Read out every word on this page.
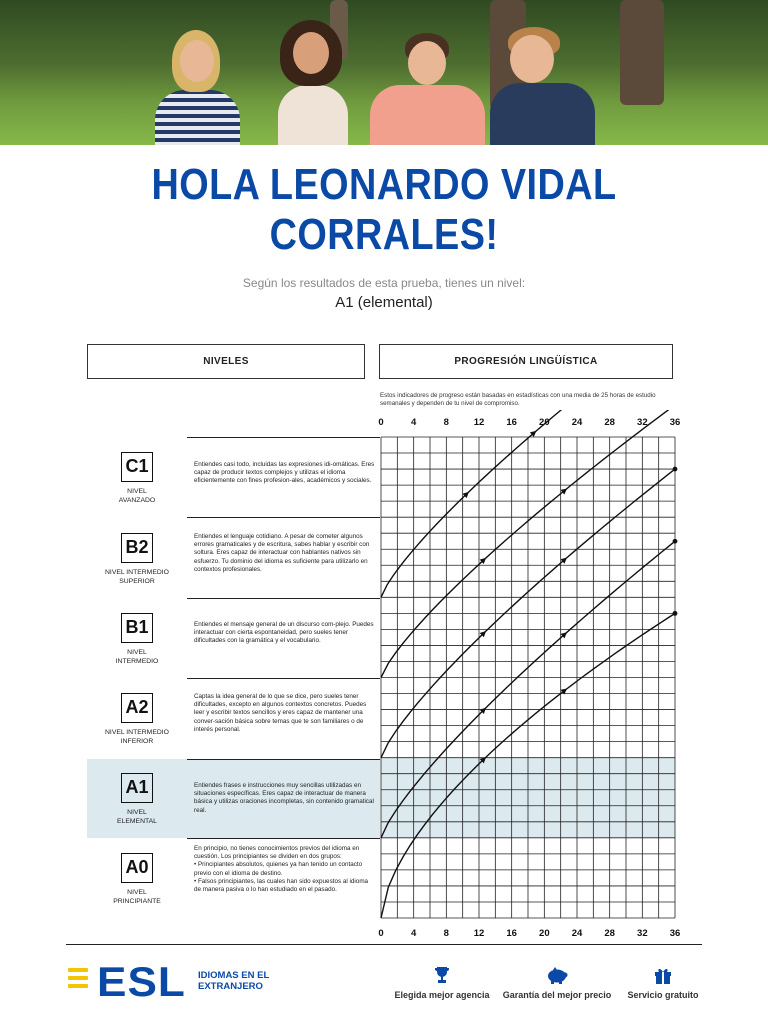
HOLA LEONARDO VIDAL
CORRALES!
Según los resultados de esta prueba, tienes un nivel:
A1 (elemental)
NIVELES	PROGRESIÓN LINGÜÍSTICA
Estos indicadores de progreso están basadas en estadísticas con una media de 25 horas de estudio semanales y dependen de tu nivel de compromiso.
C1
NIVEL
AVANZADO
Entiendes casi todo, incluidas las expresiones idi-omáticas. Eres capaz de producir textos complejos y utilizas el idioma eficientemente con fines profesion-ales, académicos y sociales.
B2
NIVEL INTERMEDIO
SUPERIOR
Entiendes el lenguaje cotidiano. A pesar de cometer algunos errores gramaticales y de escritura, sabes hablar y escribir con soltura. Eres capaz de interactuar con hablantes nativos sin esfuerzo. Tu dominio del idioma es suficiente para utilizarlo en contextos profesionales.
B1
NIVEL
INTERMEDIO
Entiendes el mensaje general de un discurso com-plejo. Puedes interactuar con cierta espontaneidad, pero sueles tener dificultades con la gramática y el vocabulario.
A2
NIVEL INTERMEDIO
INFERIOR
Captas la idea general de lo que se dice, pero sueles tener dificultades, excepto en algunos contextos concretos. Puedes leer y escribir textos sencillos y eres capaz de mantener una conver-sación básica sobre temas que te son familiares o de interés personal.
A1
NIVEL
ELEMENTAL
Entiendes frases e instrucciones muy sencillas utilizadas en situaciones específicas. Eres capaz de interactuar de manera básica y utilizas oraciones incompletas, sin contenido gramatical real.
A0
NIVEL
PRINCIPIANTE
En principio, no tienes conocimientos previos del idioma en cuestión. Los principiantes se dividen en dos grupos:
• Principiantes absolutos, quienes ya han tenido un contacto previo con el idioma de destino.
• Falsos principiantes, las cuales han sido expuestos al idioma de manera pasiva o lo han estudiado en el pasado.
0
0
4
4
8
8
12
12
16
16
20
20
24
24
28
28
32
32
36
36
ESL IDIOMAS EN EL
EXTRANJERO
Elegida mejor agencia Garantía del mejor precio	Servicio gratuito
